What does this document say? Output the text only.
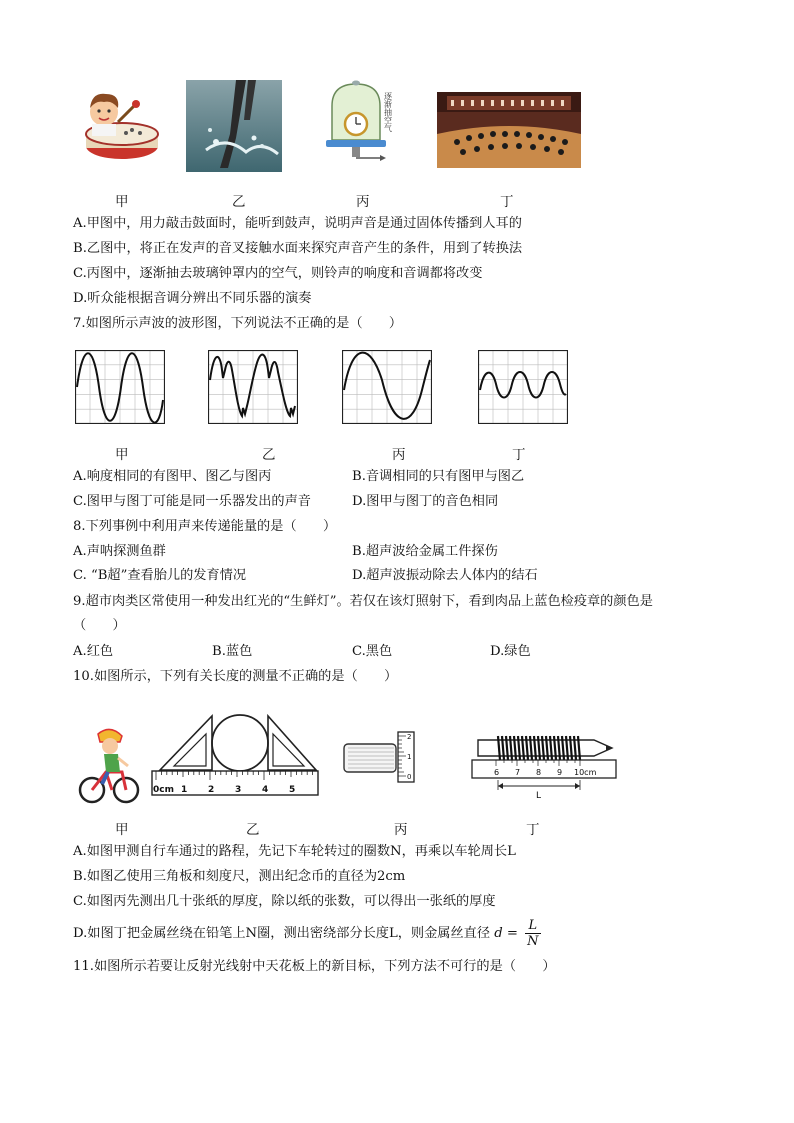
逐渐抽空气
甲	乙	丙	丁
A.甲图中，用力敲击鼓面时，能听到鼓声，说明声音是通过固体传播到人耳的
B.乙图中，将正在发声的音叉接触水面来探究声音产生的条件，用到了转换法
C.丙图中，逐渐抽去玻璃钟罩内的空气，则铃声的响度和音调都将改变
D.听众能根据音调分辨出不同乐器的演奏
7.如图所示声波的波形图，下列说法不正确的是（　　）
甲	乙	丙	丁
A.响度相同的有图甲、图乙与图丙	B.音调相同的只有图甲与图乙
C.图甲与图丁可能是同一乐器发出的声音	D.图甲与图丁的音色相同
8.下列事例中利用声来传递能量的是（　　）
A.声呐探测鱼群	B.超声波给金属工件探伤
C. “B超”查看胎儿的发育情况	D.超声波振动除去人体内的结石
9.超市肉类区常使用一种发出红光的“生鲜灯”。若仅在该灯照射下，看到肉品上蓝色检疫章的颜色是
（　　）
A.红色	B.蓝色	C.黑色	D.绿色
10.如图所示，下列有关长度的测量不正确的是（　　）
0cm 1 2 3 4 5
2
1
0	6 7 8 9 10cm
L
甲	乙	丙	丁
A.如图甲测自行车通过的路程，先记下车轮转过的圈数N，再乘以车轮周长L
B.如图乙使用三角板和刻度尺，测出纪念币的直径为2cm
C.如图丙先测出几十张纸的厚度，除以纸的张数，可以得出一张纸的厚度
D.如图丁把金属丝绕在铅笔上N圈，测出密绕部分长度L，则金属丝直径 $d = \frac{L}{N}$
11.如图所示若要让反射光线射中天花板上的新目标，下列方法不可行的是（　　）
